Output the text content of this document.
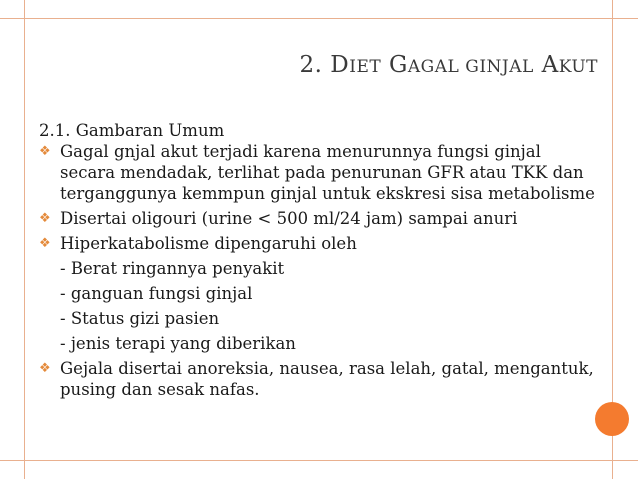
2. DIET GAGAL GINJAL AKUT
2.1. Gambaran Umum
❖ Gagal gnjal akut terjadi karena menurunnya fungsi ginjal secara mendadak, terlihat pada penurunan GFR atau TKK dan terganggunya kemmpun ginjal untuk ekskresi sisa metabolisme
❖ Disertai oligouri (urine < 500 ml/24 jam) sampai anuri
❖ Hiperkatabolisme dipengaruhi oleh
- Berat ringannya penyakit
- ganguan fungsi ginjal
- Status gizi pasien
- jenis terapi yang diberikan
❖ Gejala disertai anoreksia, nausea, rasa lelah, gatal, mengantuk, pusing dan sesak nafas.
